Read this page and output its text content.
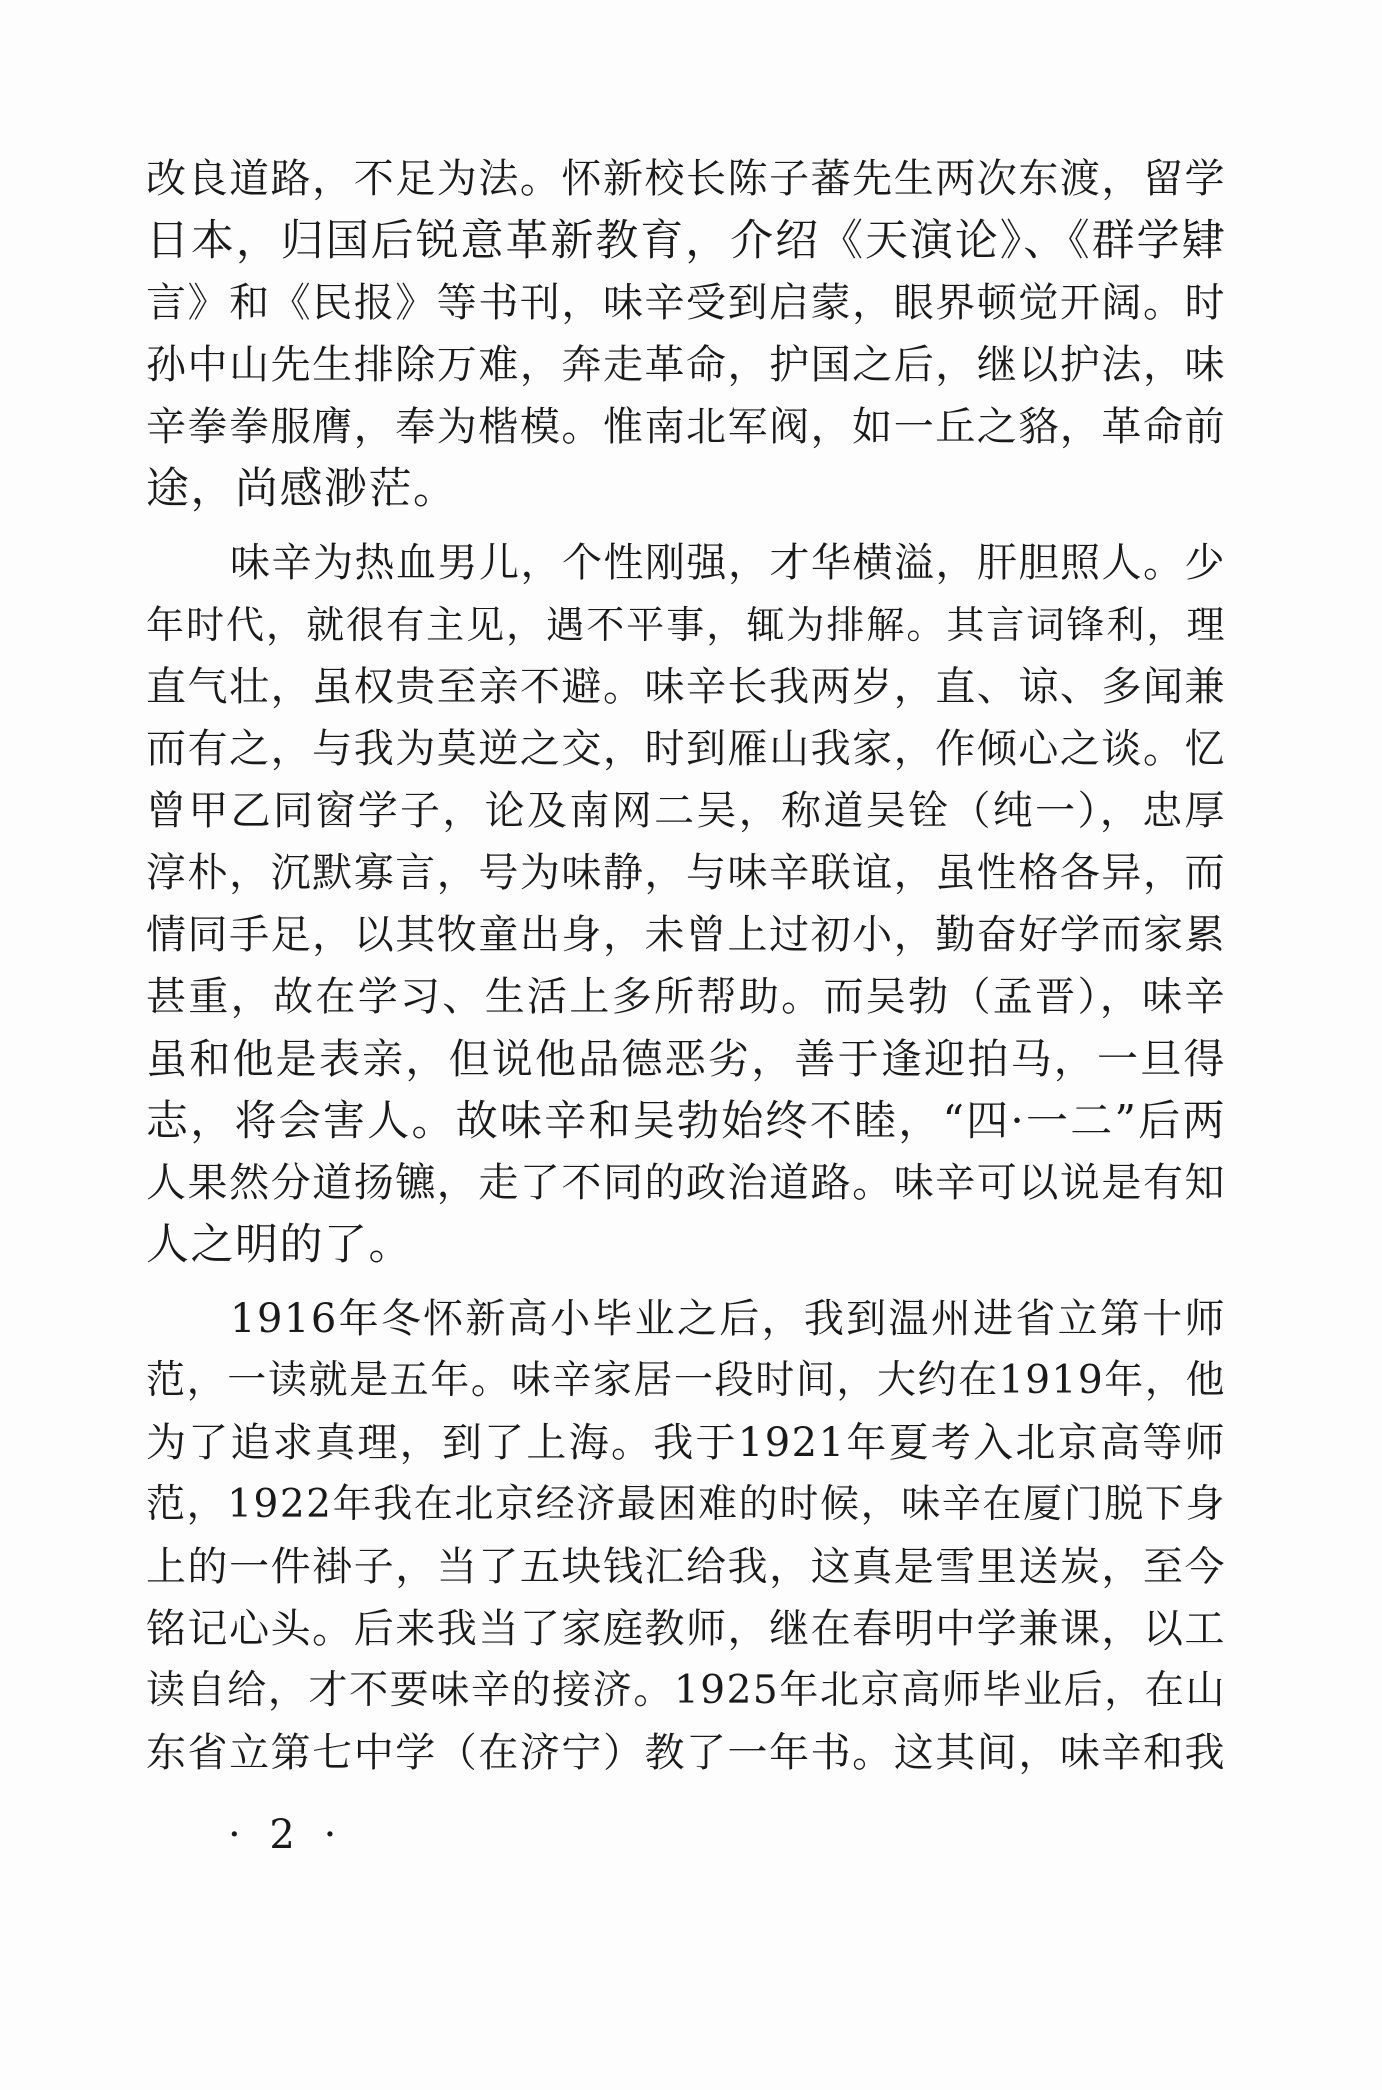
改良道路，不足为法。怀新校长陈子蕃先生两次东渡，留学
日本，归国后锐意革新教育，介绍《天演论》、《群学肄
言》和《民报》等书刊，味辛受到启蒙，眼界顿觉开阔。时
孙中山先生排除万难，奔走革命，护国之后，继以护法，味
辛拳拳服膺，奉为楷模。惟南北军阀，如一丘之貉，革命前
途，尚感渺茫。
味辛为热血男儿，个性刚强，才华横溢，肝胆照人。少
年时代，就很有主见，遇不平事，辄为排解。其言词锋利，理
直气壮，虽权贵至亲不避。味辛长我两岁，直、谅、多闻兼
而有之，与我为莫逆之交，时到雁山我家，作倾心之谈。忆
曾甲乙同窗学子，论及南网二吴，称道吴铨（纯一），忠厚
淳朴，沉默寡言，号为味静，与味辛联谊，虽性格各异，而
情同手足，以其牧童出身，未曾上过初小，勤奋好学而家累
甚重，故在学习、生活上多所帮助。而吴勃（孟晋），味辛
虽和他是表亲，但说他品德恶劣，善于逢迎拍马，一旦得
志，将会害人。故味辛和吴勃始终不睦，“四·一二”后两
人果然分道扬镳，走了不同的政治道路。味辛可以说是有知
人之明的了。
1916年冬怀新高小毕业之后，我到温州进省立第十师
范，一读就是五年。味辛家居一段时间，大约在1919年，他
为了追求真理，到了上海。我于1921年夏考入北京高等师
范，1922年我在北京经济最困难的时候，味辛在厦门脱下身
上的一件褂子，当了五块钱汇给我，这真是雪里送炭，至今
铭记心头。后来我当了家庭教师，继在春明中学兼课，以工
读自给，才不要味辛的接济。1925年北京高师毕业后，在山
东省立第七中学（在济宁）教了一年书。这其间，味辛和我
· 2 ·
